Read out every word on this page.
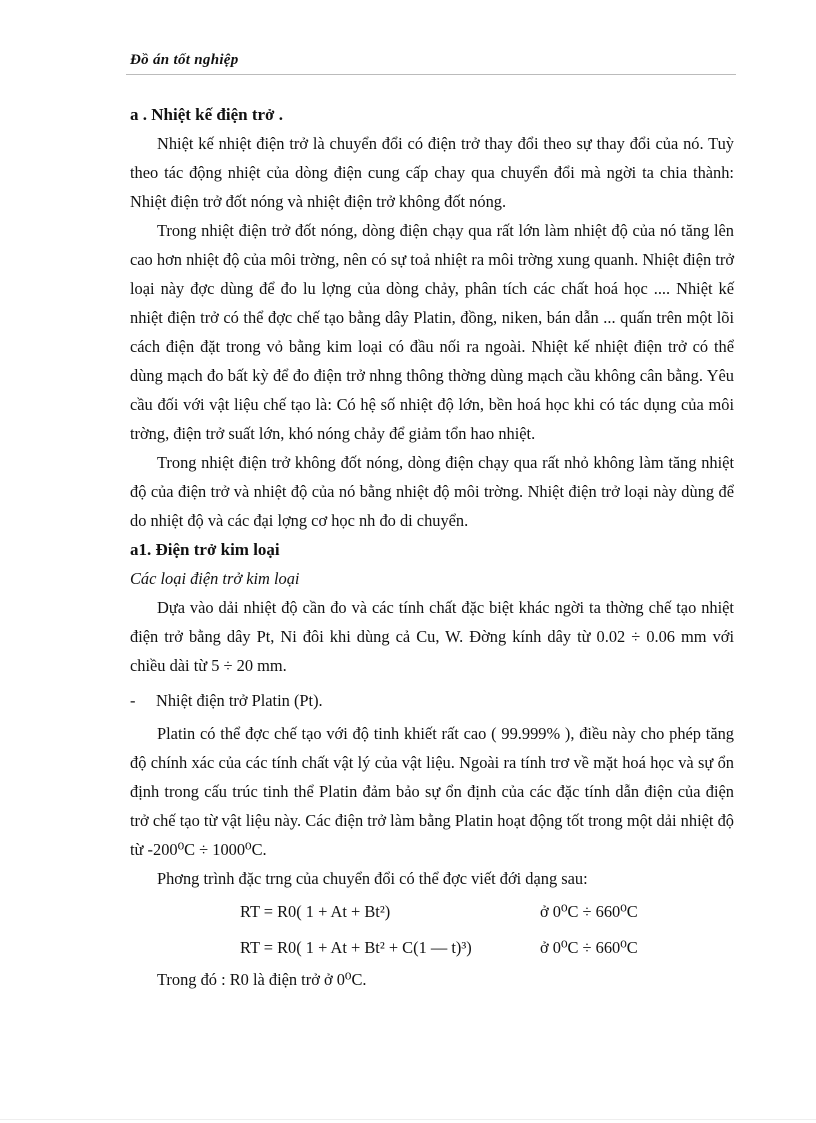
Đồ án tốt nghiệp

a . Nhiệt kế điện trở .

Nhiệt kế nhiệt điện trở là chuyển đổi có điện trở thay đổi theo sự thay đổi của nó. Tuỳ theo tác động nhiệt của dòng điện cung cấp chay qua chuyển đổi mà ngời ta chia thành: Nhiệt điện trở đốt nóng và nhiệt điện trở không đốt nóng.

Trong nhiệt điện trở đốt nóng, dòng điện chạy qua rất lớn làm nhiệt độ của nó tăng lên cao hơn nhiệt độ của môi trờng, nên có sự toả nhiệt ra môi trờng xung quanh. Nhiệt điện trở loại này đợc dùng để đo lu lợng của dòng chảy, phân tích các chất hoá học .... Nhiệt kế nhiệt điện trở có thể đợc chế tạo bằng dây Platin, đồng, niken, bán dẫn ... quấn trên một lõi cách điện đặt trong vỏ bằng kim loại có đầu nối ra ngoài. Nhiệt kế nhiệt điện trở có thể dùng mạch đo bất kỳ để đo điện trở nhng thông thờng dùng mạch cầu không cân bằng. Yêu cầu đối với vật liệu chế tạo là: Có hệ số nhiệt độ lớn, bền hoá học khi có tác dụng của môi trờng, điện trở suất lớn, khó nóng chảy để giảm tổn hao nhiệt.

Trong nhiệt điện trở không đốt nóng, dòng điện chạy qua rất nhỏ không làm tăng nhiệt độ của điện trở và nhiệt độ của nó bằng nhiệt độ môi trờng. Nhiệt điện trở loại này dùng để do nhiệt độ và các đại lợng cơ học nh đo di chuyển.

a1. Điện trở kim loại

Các loại điện trở kim loại

Dựa vào dải nhiệt độ cần đo và các tính chất đặc biệt khác ngời ta thờng chế tạo nhiệt điện trở bằng dây Pt, Ni đôi khi dùng cả Cu, W. Đờng kính dây từ 0.02 ÷ 0.06 mm với chiều dài từ 5 ÷ 20 mm.

- Nhiệt điện trở Platin (Pt).

Platin có thể đợc chế tạo với độ tinh khiết rất cao ( 99.999% ), điều này cho phép tăng độ chính xác của các tính chất vật lý của vật liệu. Ngoài ra tính trơ về mặt hoá học và sự ổn định trong cấu trúc tinh thể Platin đảm bảo sự ổn định của các đặc tính dẫn điện của điện trở chế tạo từ vật liệu này. Các điện trở làm bằng Platin hoạt động tốt trong một dải nhiệt độ từ -200⁰C ÷ 1000⁰C.

Phơng trình đặc trng của chuyển đổi có thể đợc viết đới dạng sau:

RT = R0( 1 + At + Bt²)	ở 0⁰C ÷ 660⁰C
RT = R0( 1 + At + Bt² + C(1 — t)³)	ở 0⁰C ÷ 660⁰C

Trong đó : R0 là điện trở ở 0⁰C.
